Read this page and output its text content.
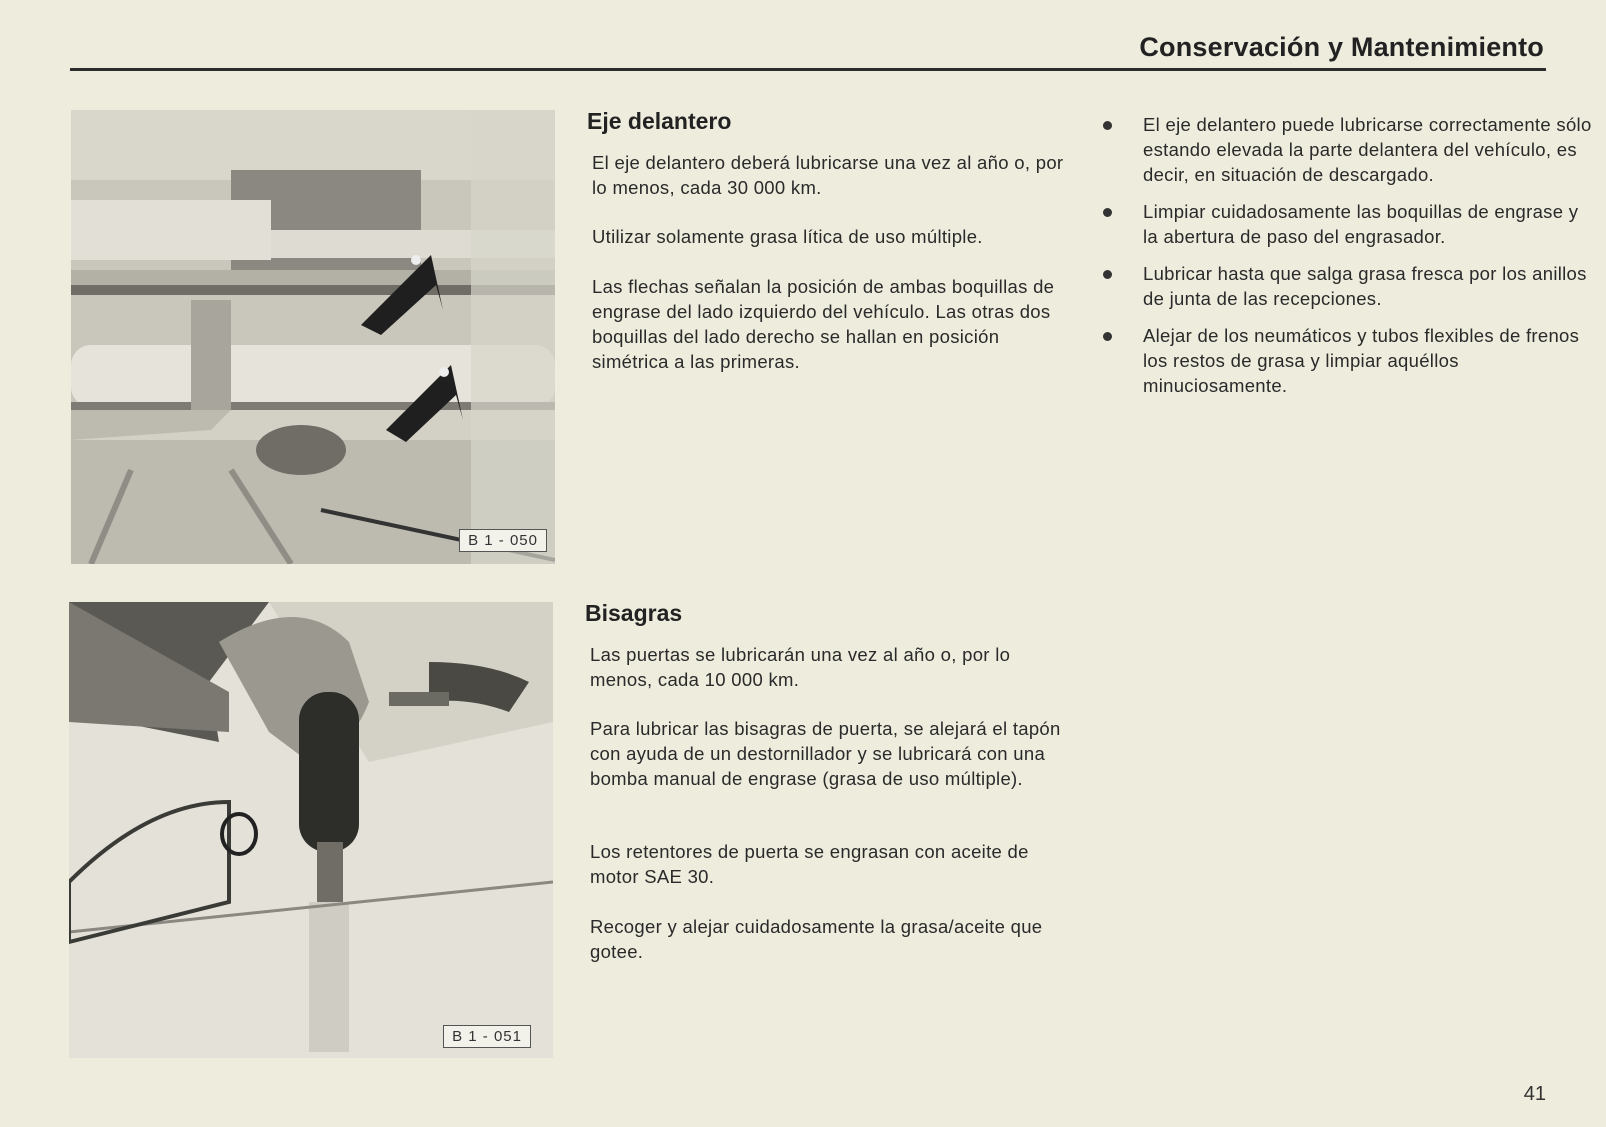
Conservación y Mantenimiento
B 1 - 050
B 1 - 051
Eje delantero

El eje delantero deberá lubricarse una vez al año o, por lo menos, cada 30 000 km.

Utilizar solamente grasa lítica de uso múltiple.

Las flechas señalan la posición de ambas boquillas de engrase del lado izquierdo del vehículo. Las otras dos boquillas del lado derecho se hallan en posición simétrica a las primeras.

Bisagras

Las puertas se lubricarán una vez al año o, por lo menos, cada 10 000 km.

Para lubricar las bisagras de puerta, se alejará el tapón con ayuda de un destornillador y se lubricará con una bomba manual de engrase (grasa de uso múltiple).

Los retentores de puerta se engrasan con aceite de motor SAE 30.

Recoger y alejar cuidadosamente la grasa/aceite que gotee.

El eje delantero puede lubricarse correctamente sólo estando elevada la parte delantera del vehículo, es decir, en situación de descargado.
Limpiar cuidadosamente las boquillas de engrase y la abertura de paso del engrasador.
Lubricar hasta que salga grasa fresca por los anillos de junta de las recepciones.
Alejar de los neumáticos y tubos flexibles de frenos los restos de grasa y limpiar aquéllos minuciosamente.
41
